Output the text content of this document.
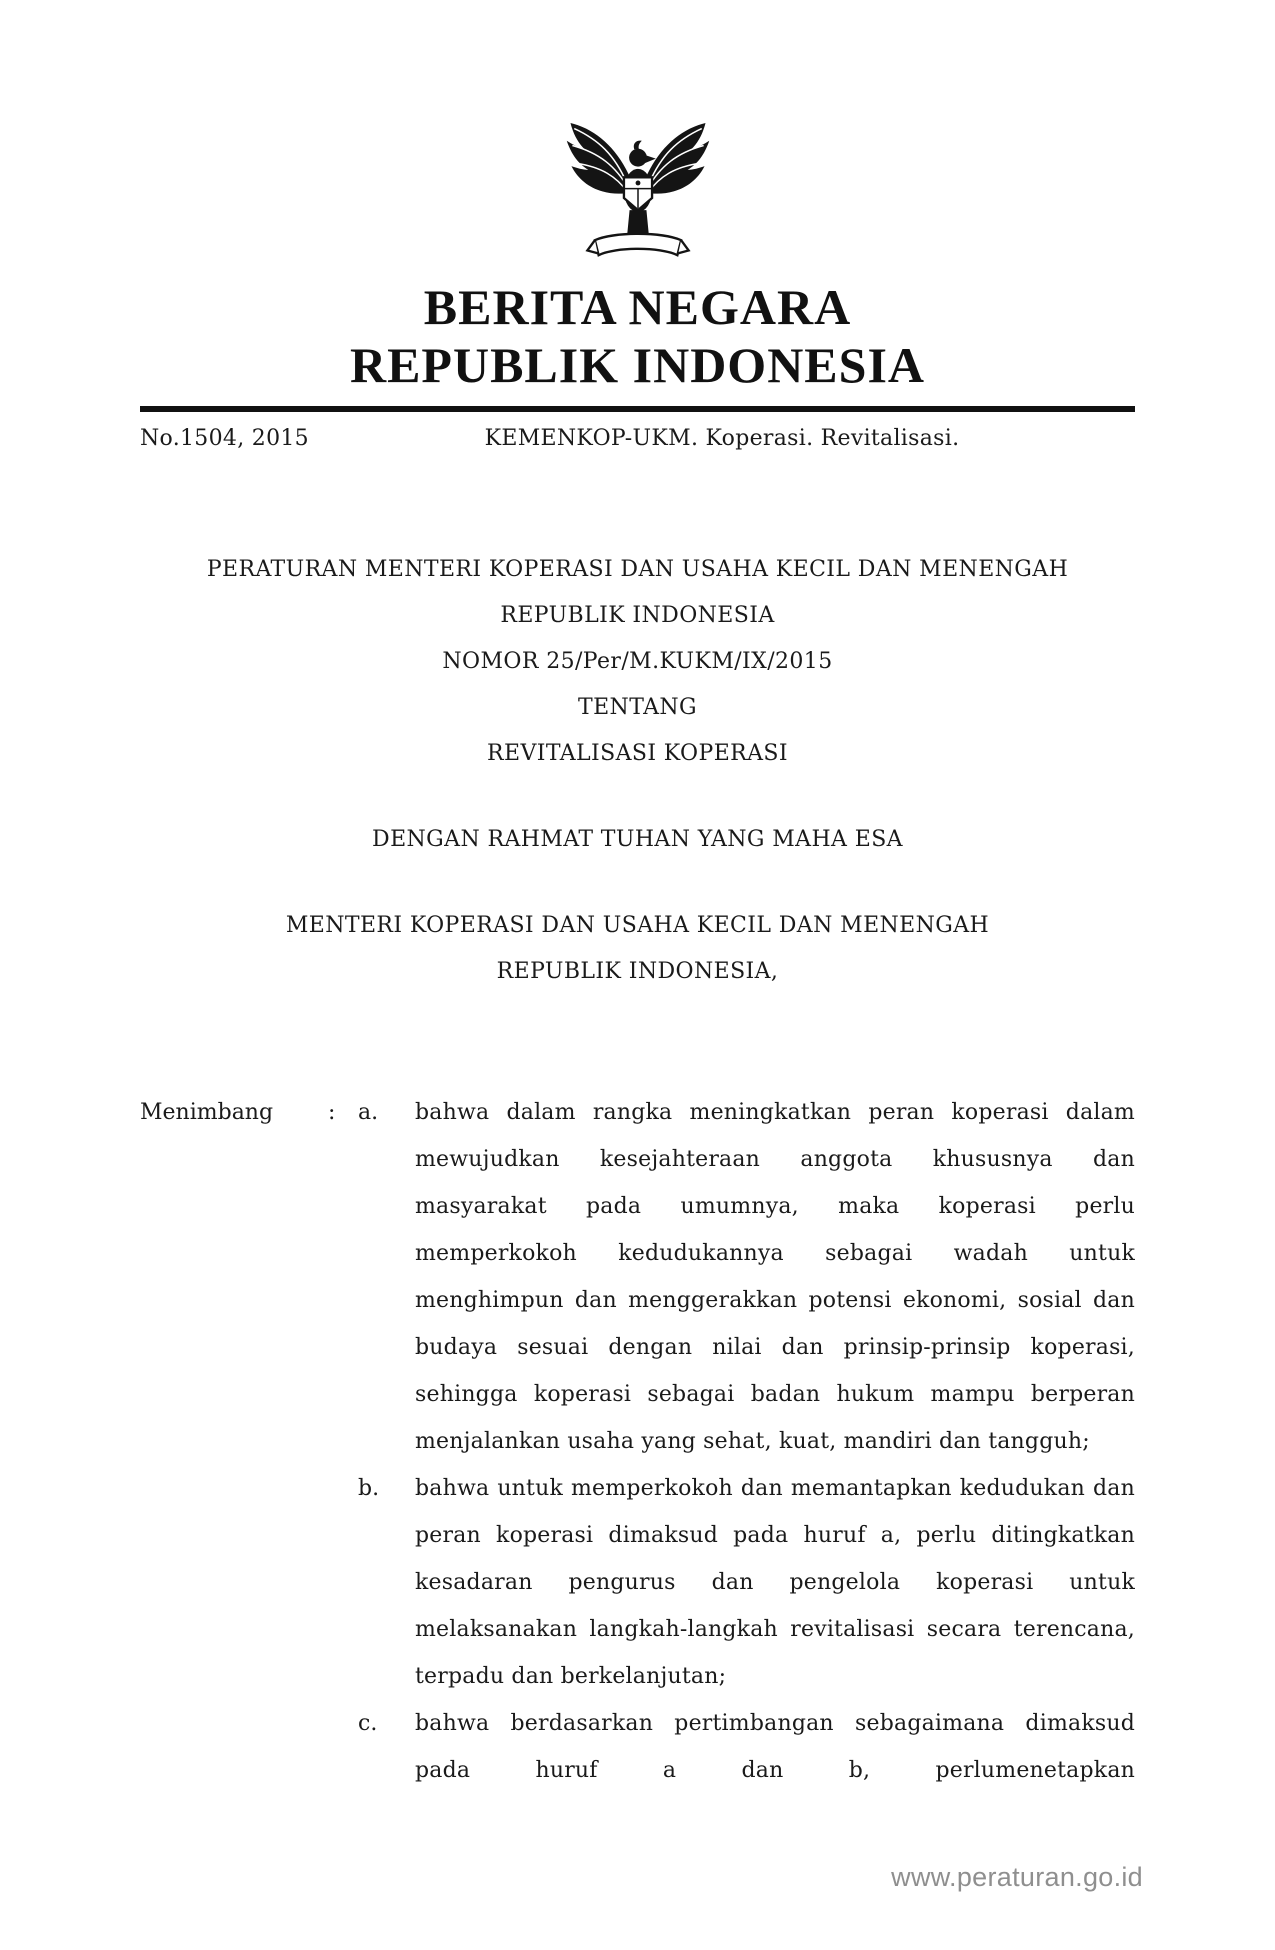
BERITA NEGARA
REPUBLIK INDONESIA
No.1504, 2015	KEMENKOP-UKM. Koperasi. Revitalisasi.

PERATURAN MENTERI KOPERASI DAN USAHA KECIL DAN MENENGAH

REPUBLIK INDONESIA

NOMOR 25/Per/M.KUKM/IX/2015

TENTANG

REVITALISASI KOPERASI

DENGAN RAHMAT TUHAN YANG MAHA ESA

MENTERI KOPERASI DAN USAHA KECIL DAN MENENGAH

REPUBLIK INDONESIA,

Menimbang	:	a.	bahwa dalam rangka meningkatkan peran koperasi dalam mewujudkan kesejahteraan anggota khususnya dan masyarakat pada umumnya, maka koperasi perlu memperkokoh kedudukannya sebagai wadah untuk menghimpun dan menggerakkan potensi ekonomi, sosial dan budaya sesuai dengan nilai dan prinsip-prinsip koperasi, sehingga koperasi sebagai badan hukum mampu berperan menjalankan usaha yang sehat, kuat, mandiri dan tangguh;

b.	bahwa untuk memperkokoh dan memantapkan kedudukan dan peran koperasi dimaksud pada huruf a, perlu ditingkatkan kesadaran pengurus dan pengelola koperasi untuk melaksanakan langkah-langkah revitalisasi secara terencana, terpadu dan berkelanjutan;

c.	bahwa berdasarkan pertimbangan sebagaimana dimaksud pada huruf a dan b, perlumenetapkan

www.peraturan.go.id
